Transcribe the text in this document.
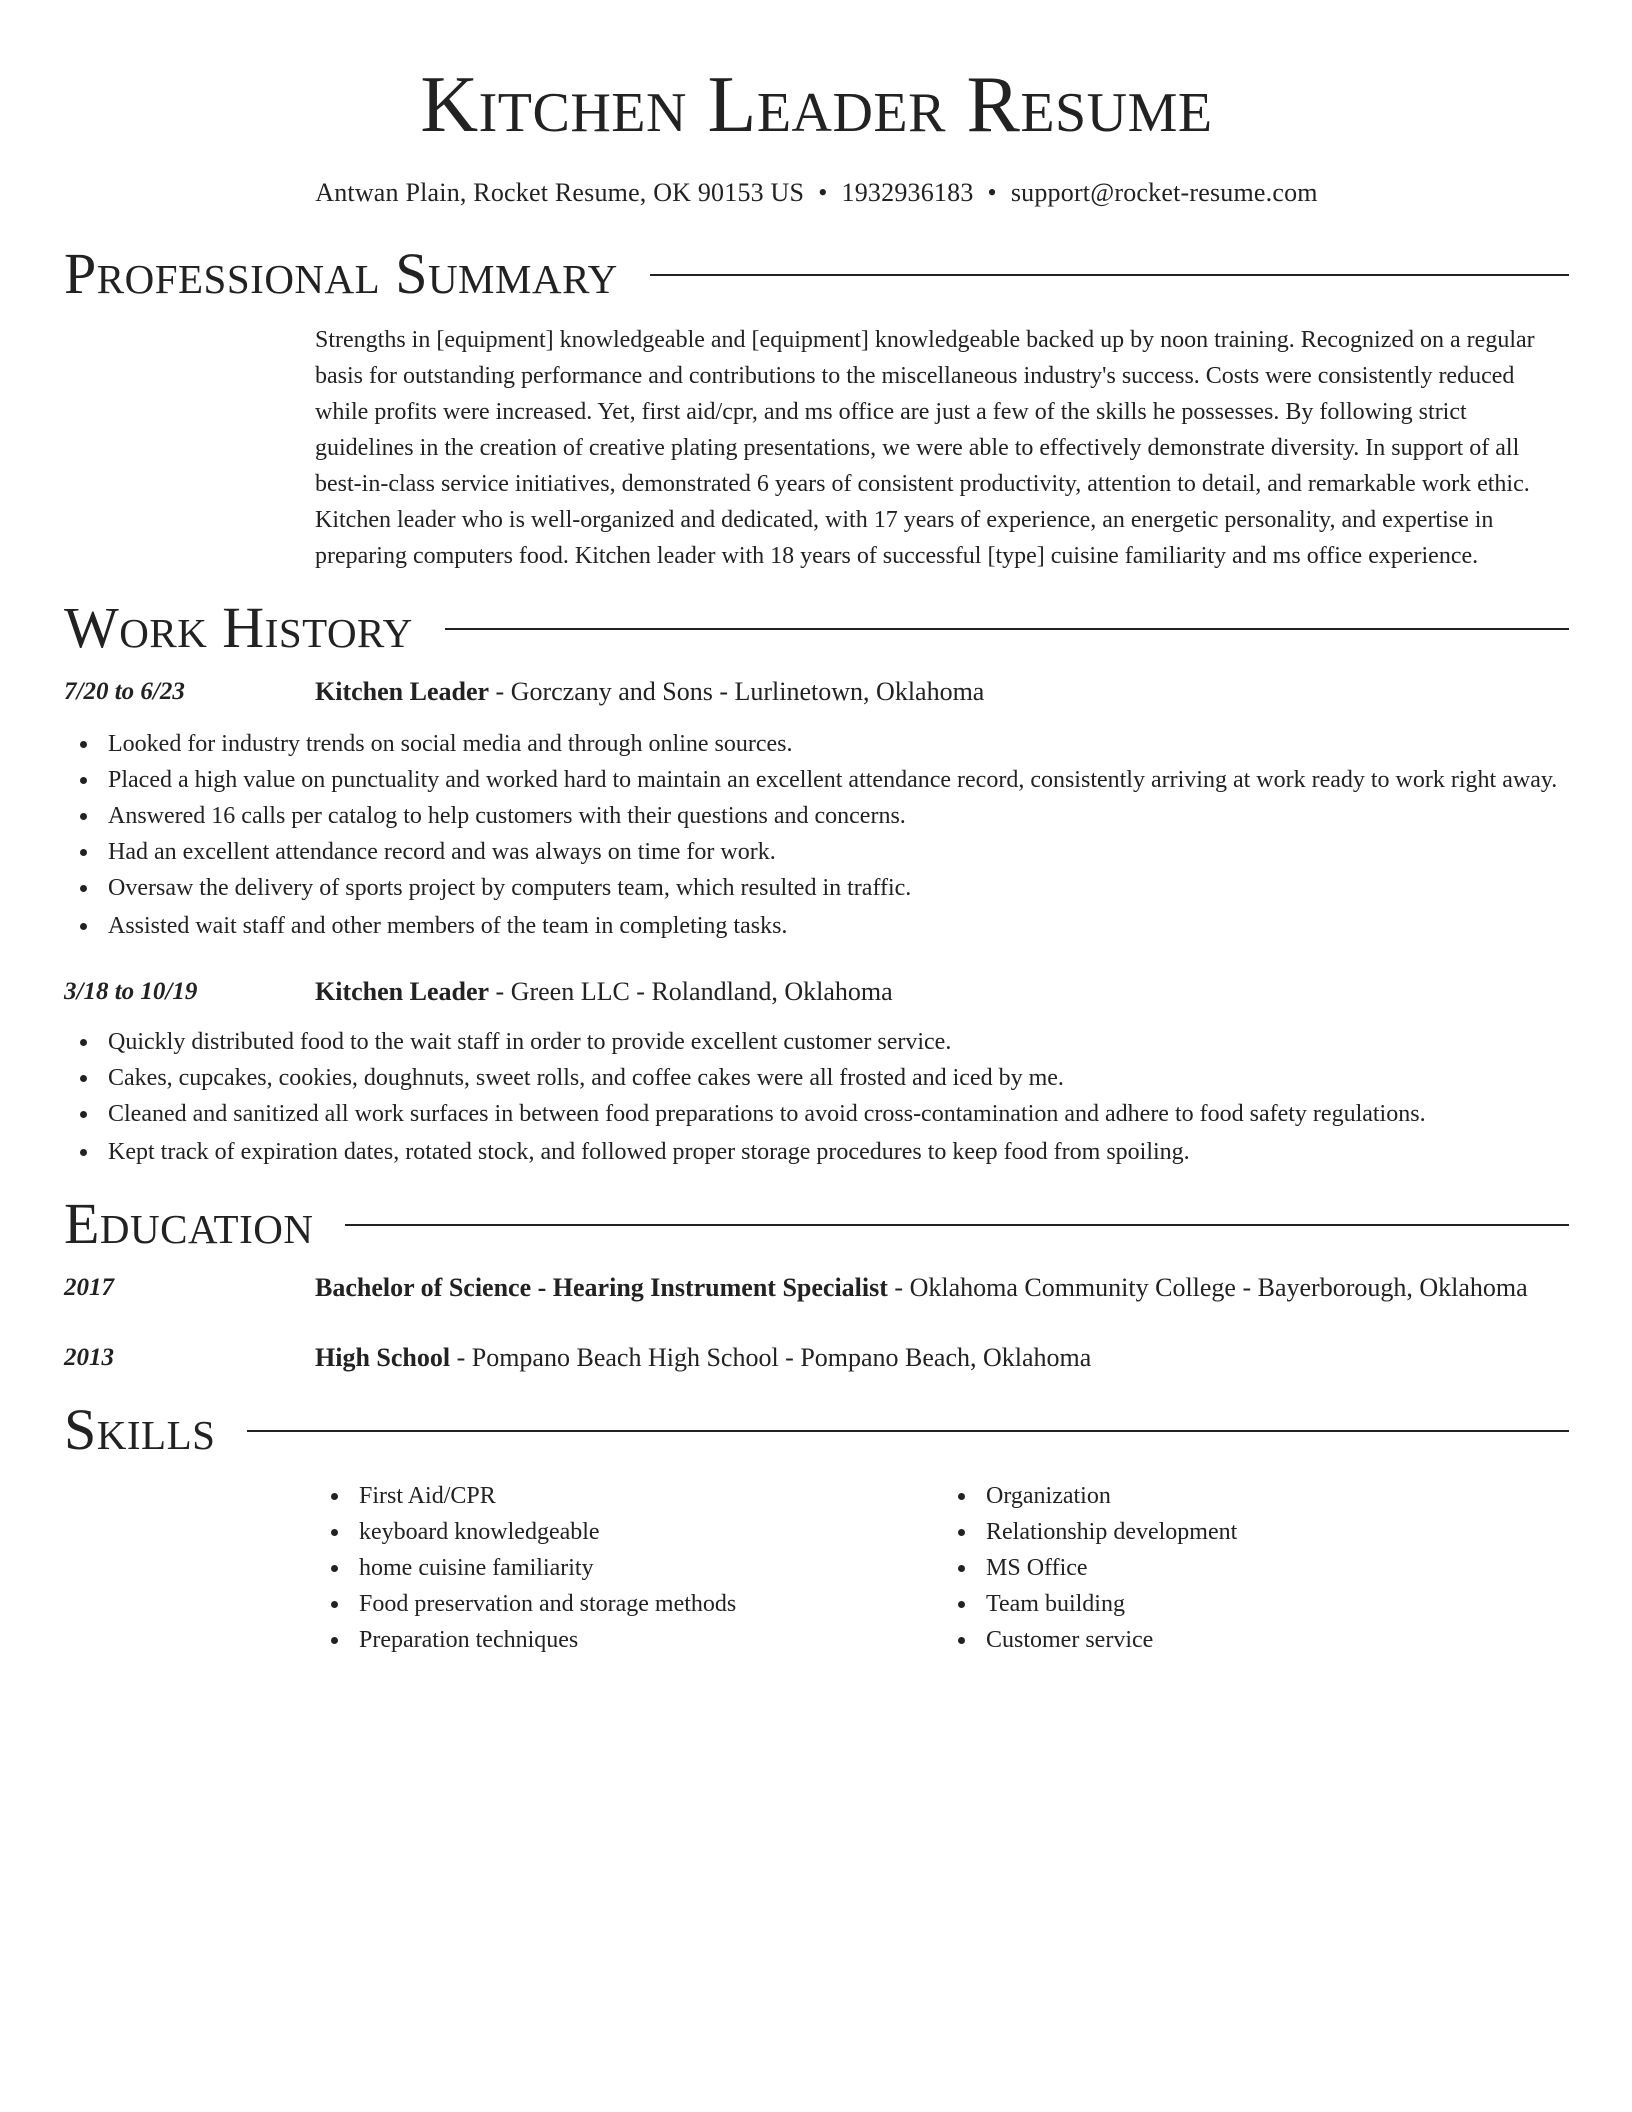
Kitchen Leader Resume
Antwan Plain, Rocket Resume, OK 90153 US • 1932936183 • support@rocket-resume.com
Professional Summary

Strengths in [equipment] knowledgeable and [equipment] knowledgeable backed up by noon training. Recognized on a regular basis for outstanding performance and contributions to the miscellaneous industry's success. Costs were consistently reduced while profits were increased. Yet, first aid/cpr, and ms office are just a few of the skills he possesses. By following strict guidelines in the creation of creative plating presentations, we were able to effectively demonstrate diversity. In support of all best-in-class service initiatives, demonstrated 6 years of consistent productivity, attention to detail, and remarkable work ethic. Kitchen leader who is well-organized and dedicated, with 17 years of experience, an energetic personality, and expertise in preparing computers food. Kitchen leader with 18 years of successful [type] cuisine familiarity and ms office experience.

Work History
7/20 to 6/23	Kitchen Leader - Gorczany and Sons - Lurlinetown, Oklahoma
Looked for industry trends on social media and through online sources.
Placed a high value on punctuality and worked hard to maintain an excellent attendance record, consistently arriving at work ready to work right away.
Answered 16 calls per catalog to help customers with their questions and concerns.
Had an excellent attendance record and was always on time for work.
Oversaw the delivery of sports project by computers team, which resulted in traffic.
Assisted wait staff and other members of the team in completing tasks.
3/18 to 10/19	Kitchen Leader - Green LLC - Rolandland, Oklahoma
Quickly distributed food to the wait staff in order to provide excellent customer service.
Cakes, cupcakes, cookies, doughnuts, sweet rolls, and coffee cakes were all frosted and iced by me.
Cleaned and sanitized all work surfaces in between food preparations to avoid cross-contamination and adhere to food safety regulations.
Kept track of expiration dates, rotated stock, and followed proper storage procedures to keep food from spoiling.
Education
2017	Bachelor of Science - Hearing Instrument Specialist - Oklahoma Community College - Bayerborough, Oklahoma
2013	High School - Pompano Beach High School - Pompano Beach, Oklahoma
Skills
First Aid/CPR
keyboard knowledgeable
home cuisine familiarity
Food preservation and storage methods
Preparation techniques
Organization
Relationship development
MS Office
Team building
Customer service
